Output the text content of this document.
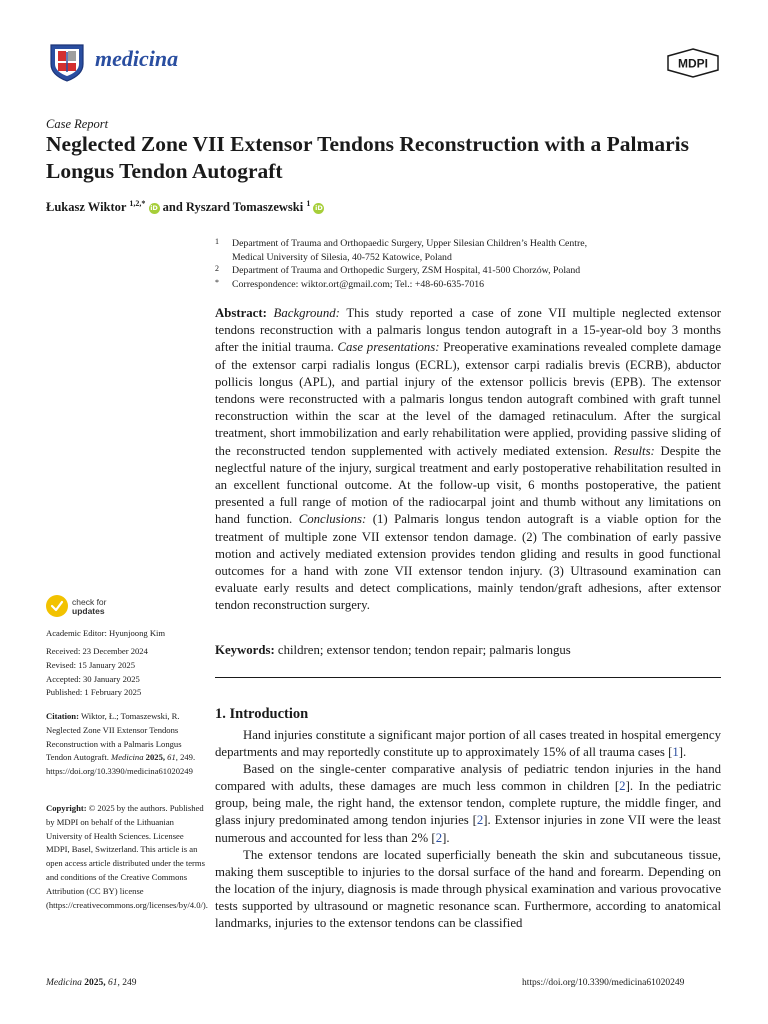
medicina	MDPI
Case Report
Neglected Zone VII Extensor Tendons Reconstruction with a Palmaris Longus Tendon Autograft
Łukasz Wiktor $^{1,2,*}$ iD and Ryszard Tomaszewski $^1$ iD
1 Department of Trauma and Orthopaedic Surgery, Upper Silesian Children’s Health Centre,
Medical University of Silesia, 40-752 Katowice, Poland
2 Department of Trauma and Orthopedic Surgery, ZSM Hospital, 41-500 Chorzów, Poland
* Correspondence: wiktor.ort@gmail.com; Tel.: +48-60-635-7016
Abstract: Background: This study reported a case of zone VII multiple neglected extensor tendons reconstruction with a palmaris longus tendon autograft in a 15-year-old boy 3 months after the initial trauma. Case presentations: Preoperative examinations revealed complete damage of the extensor carpi radialis longus (ECRL), extensor carpi radialis brevis (ECRB), abductor pollicis longus (APL), and partial injury of the extensor pollicis brevis (EPB). The extensor tendons were reconstructed with a palmaris longus tendon autograft combined with graft tunnel reconstruction within the scar at the level of the damaged retinaculum. After the surgical treatment, short immobilization and early rehabilitation were applied, providing passive sliding of the reconstructed tendon supplemented with actively mediated extension. Results: Despite the neglectful nature of the injury, surgical treatment and early postoperative rehabilitation resulted in an excellent functional outcome. At the follow-up visit, 6 months postoperative, the patient presented a full range of motion of the radiocarpal joint and thumb without any limitations on hand function. Conclusions: (1) Palmaris longus tendon autograft is a viable option for the treatment of multiple zone VII extensor tendon damage. (2) The combination of early passive motion and actively mediated extension provides tendon gliding and results in good functional outcomes for a hand with zone VII extensor tendon injury. (3) Ultrasound examination can evaluate early results and detect complications, mainly tendon/graft adhesions, after extensor tendon reconstruction surgery.
Keywords: children; extensor tendon; tendon repair; palmaris longus
check for
updates
Academic Editor: Hyunjoong Kim
Received: 23 December 2024
Revised: 15 January 2025
Accepted: 30 January 2025
Published: 1 February 2025
Citation: Wiktor, Ł.; Tomaszewski, R. Neglected Zone VII Extensor Tendons Reconstruction with a Palmaris Longus Tendon Autograft. Medicina 2025, 61, 249. https://doi.org/10.3390/medicina61020249
Copyright: © 2025 by the authors. Published by MDPI on behalf of the Lithuanian University of Health Sciences. Licensee MDPI, Basel, Switzerland. This article is an open access article distributed under the terms and conditions of the Creative Commons Attribution (CC BY) license (https://creativecommons.org/licenses/by/4.0/).
1. Introduction

Hand injuries constitute a significant major portion of all cases treated in hospital emergency departments and may reportedly constitute up to approximately 15% of all trauma cases [1].

Based on the single-center comparative analysis of pediatric tendon injuries in the hand compared with adults, these damages are much less common in children [2]. In the pediatric group, being male, the right hand, the extensor tendon, complete rupture, the middle finger, and glass injury predominated among tendon injuries [2]. Extensor injuries in zone VII were the least numerous and accounted for less than 2% [2].

The extensor tendons are located superficially beneath the skin and subcutaneous tissue, making them susceptible to injuries to the dorsal surface of the hand and forearm. Depending on the location of the injury, diagnosis is made through physical examination and various provocative tests supported by ultrasound or magnetic resonance scan. Furthermore, according to anatomical landmarks, injuries to the extensor tendons can be classified

Medicina 2025, 61, 249	https://doi.org/10.3390/medicina61020249
